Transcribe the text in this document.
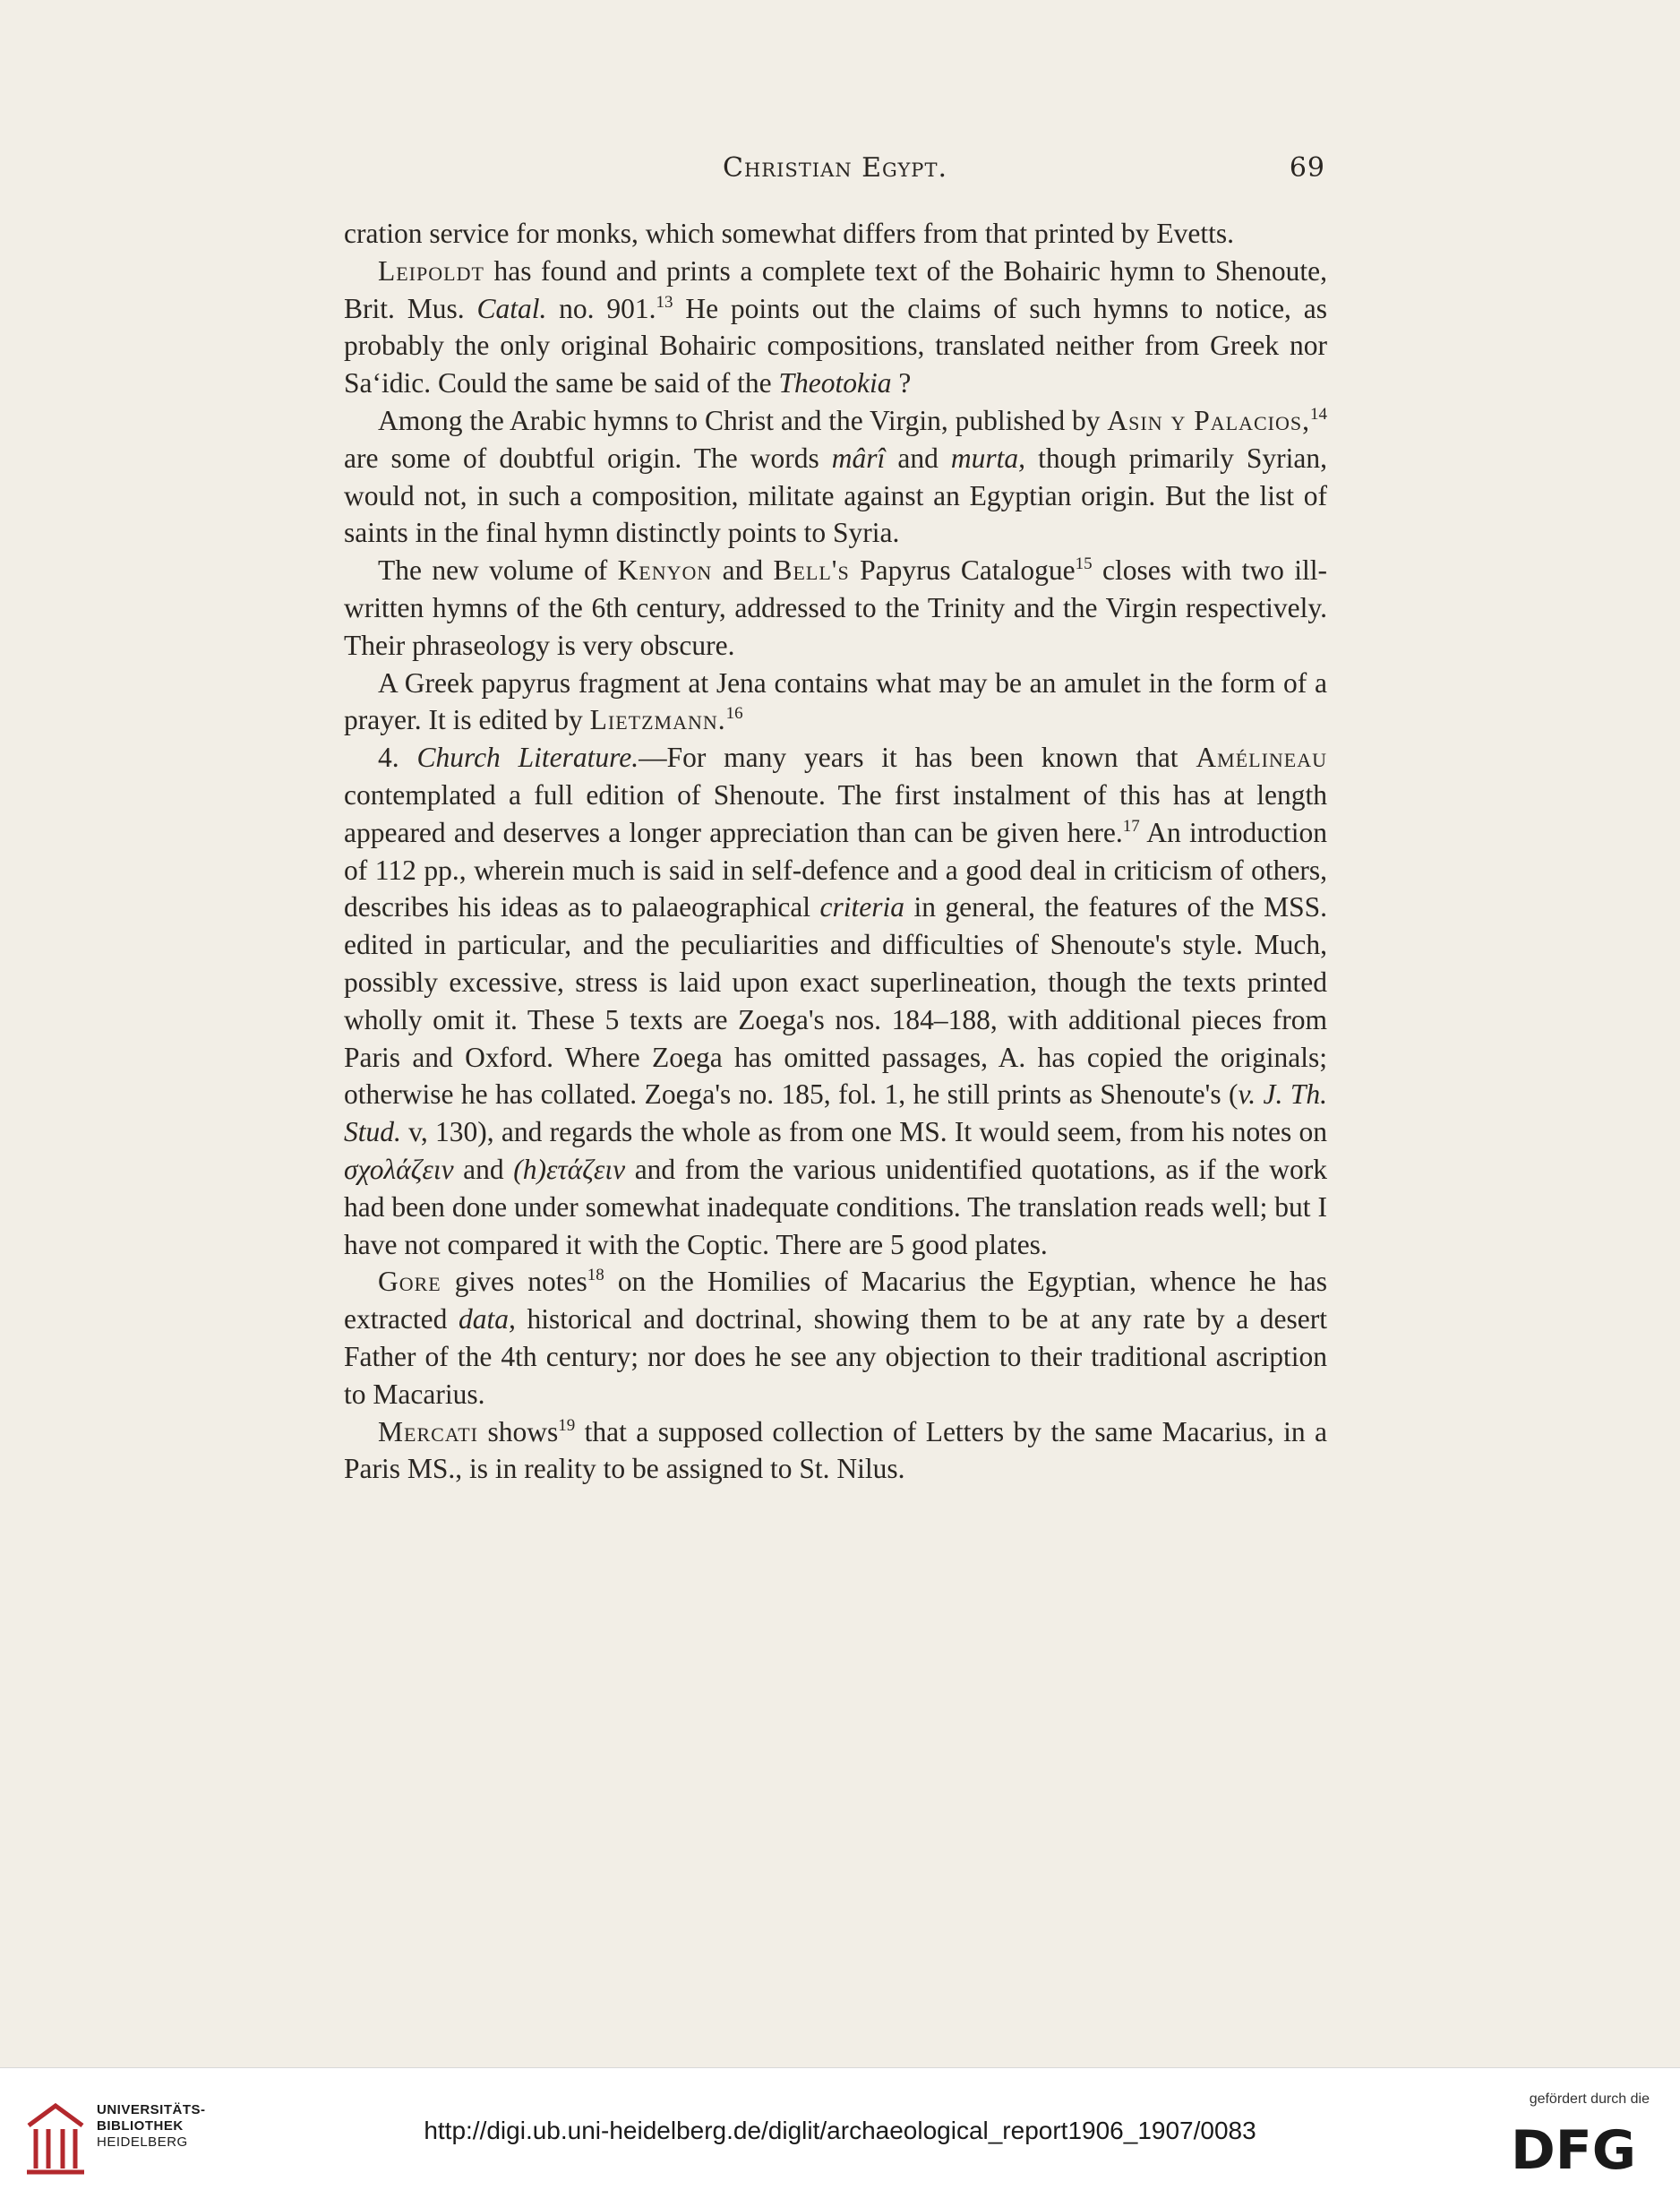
Christian Egypt.	69

cration service for monks, which somewhat differs from that printed by Evetts.

Leipoldt has found and prints a complete text of the Bohairic hymn to Shenoute, Brit. Mus. Catal. no. 901.13 He points out the claims of such hymns to notice, as probably the only original Bohairic compositions, translated neither from Greek nor Sa‘idic. Could the same be said of the Theotokia ?

Among the Arabic hymns to Christ and the Virgin, published by Asin y Palacios,$^{14}$ are some of doubtful origin. The words mârî and murta, though primarily Syrian, would not, in such a composition, militate against an Egyptian origin. But the list of saints in the final hymn distinctly points to Syria.

The new volume of Kenyon and Bell's Papyrus Catalogue$^{15}$ closes with two ill-written hymns of the 6th century, addressed to the Trinity and the Virgin respectively. Their phraseology is very obscure.

A Greek papyrus fragment at Jena contains what may be an amulet in the form of a prayer. It is edited by Lietzmann.$^{16}$

4. Church Literature.—For many years it has been known that Amélineau contemplated a full edition of Shenoute. The first instalment of this has at length appeared and deserves a longer appreciation than can be given here.$^{17}$ An introduction of 112 pp., wherein much is said in self-defence and a good deal in criticism of others, describes his ideas as to palaeographical criteria in general, the features of the MSS. edited in particular, and the peculiarities and difficulties of Shenoute's style. Much, possibly excessive, stress is laid upon exact superlineation, though the texts printed wholly omit it. These 5 texts are Zoega's nos. 184–188, with additional pieces from Paris and Oxford. Where Zoega has omitted passages, A. has copied the originals; otherwise he has collated. Zoega's no. 185, fol. 1, he still prints as Shenoute's (v. J. Th. Stud. v, 130), and regards the whole as from one MS. It would seem, from his notes on σχολάζειν and (h)ετάζειν and from the various unidentified quotations, as if the work had been done under somewhat inadequate conditions. The translation reads well; but I have not compared it with the Coptic. There are 5 good plates.

Gore gives notes$^{18}$ on the Homilies of Macarius the Egyptian, whence he has extracted data, historical and doctrinal, showing them to be at any rate by a desert Father of the 4th century; nor does he see any objection to their traditional ascription to Macarius.

Mercati shows$^{19}$ that a supposed collection of Letters by the same Macarius, in a Paris MS., is in reality to be assigned to St. Nilus.

UNIVERSITÄTS-
BIBLIOTHEK
HEIDELBERG	http://digi.ub.uni-heidelberg.de/diglit/archaeological_report1906_1907/0083
gefördert durch die
DFG
